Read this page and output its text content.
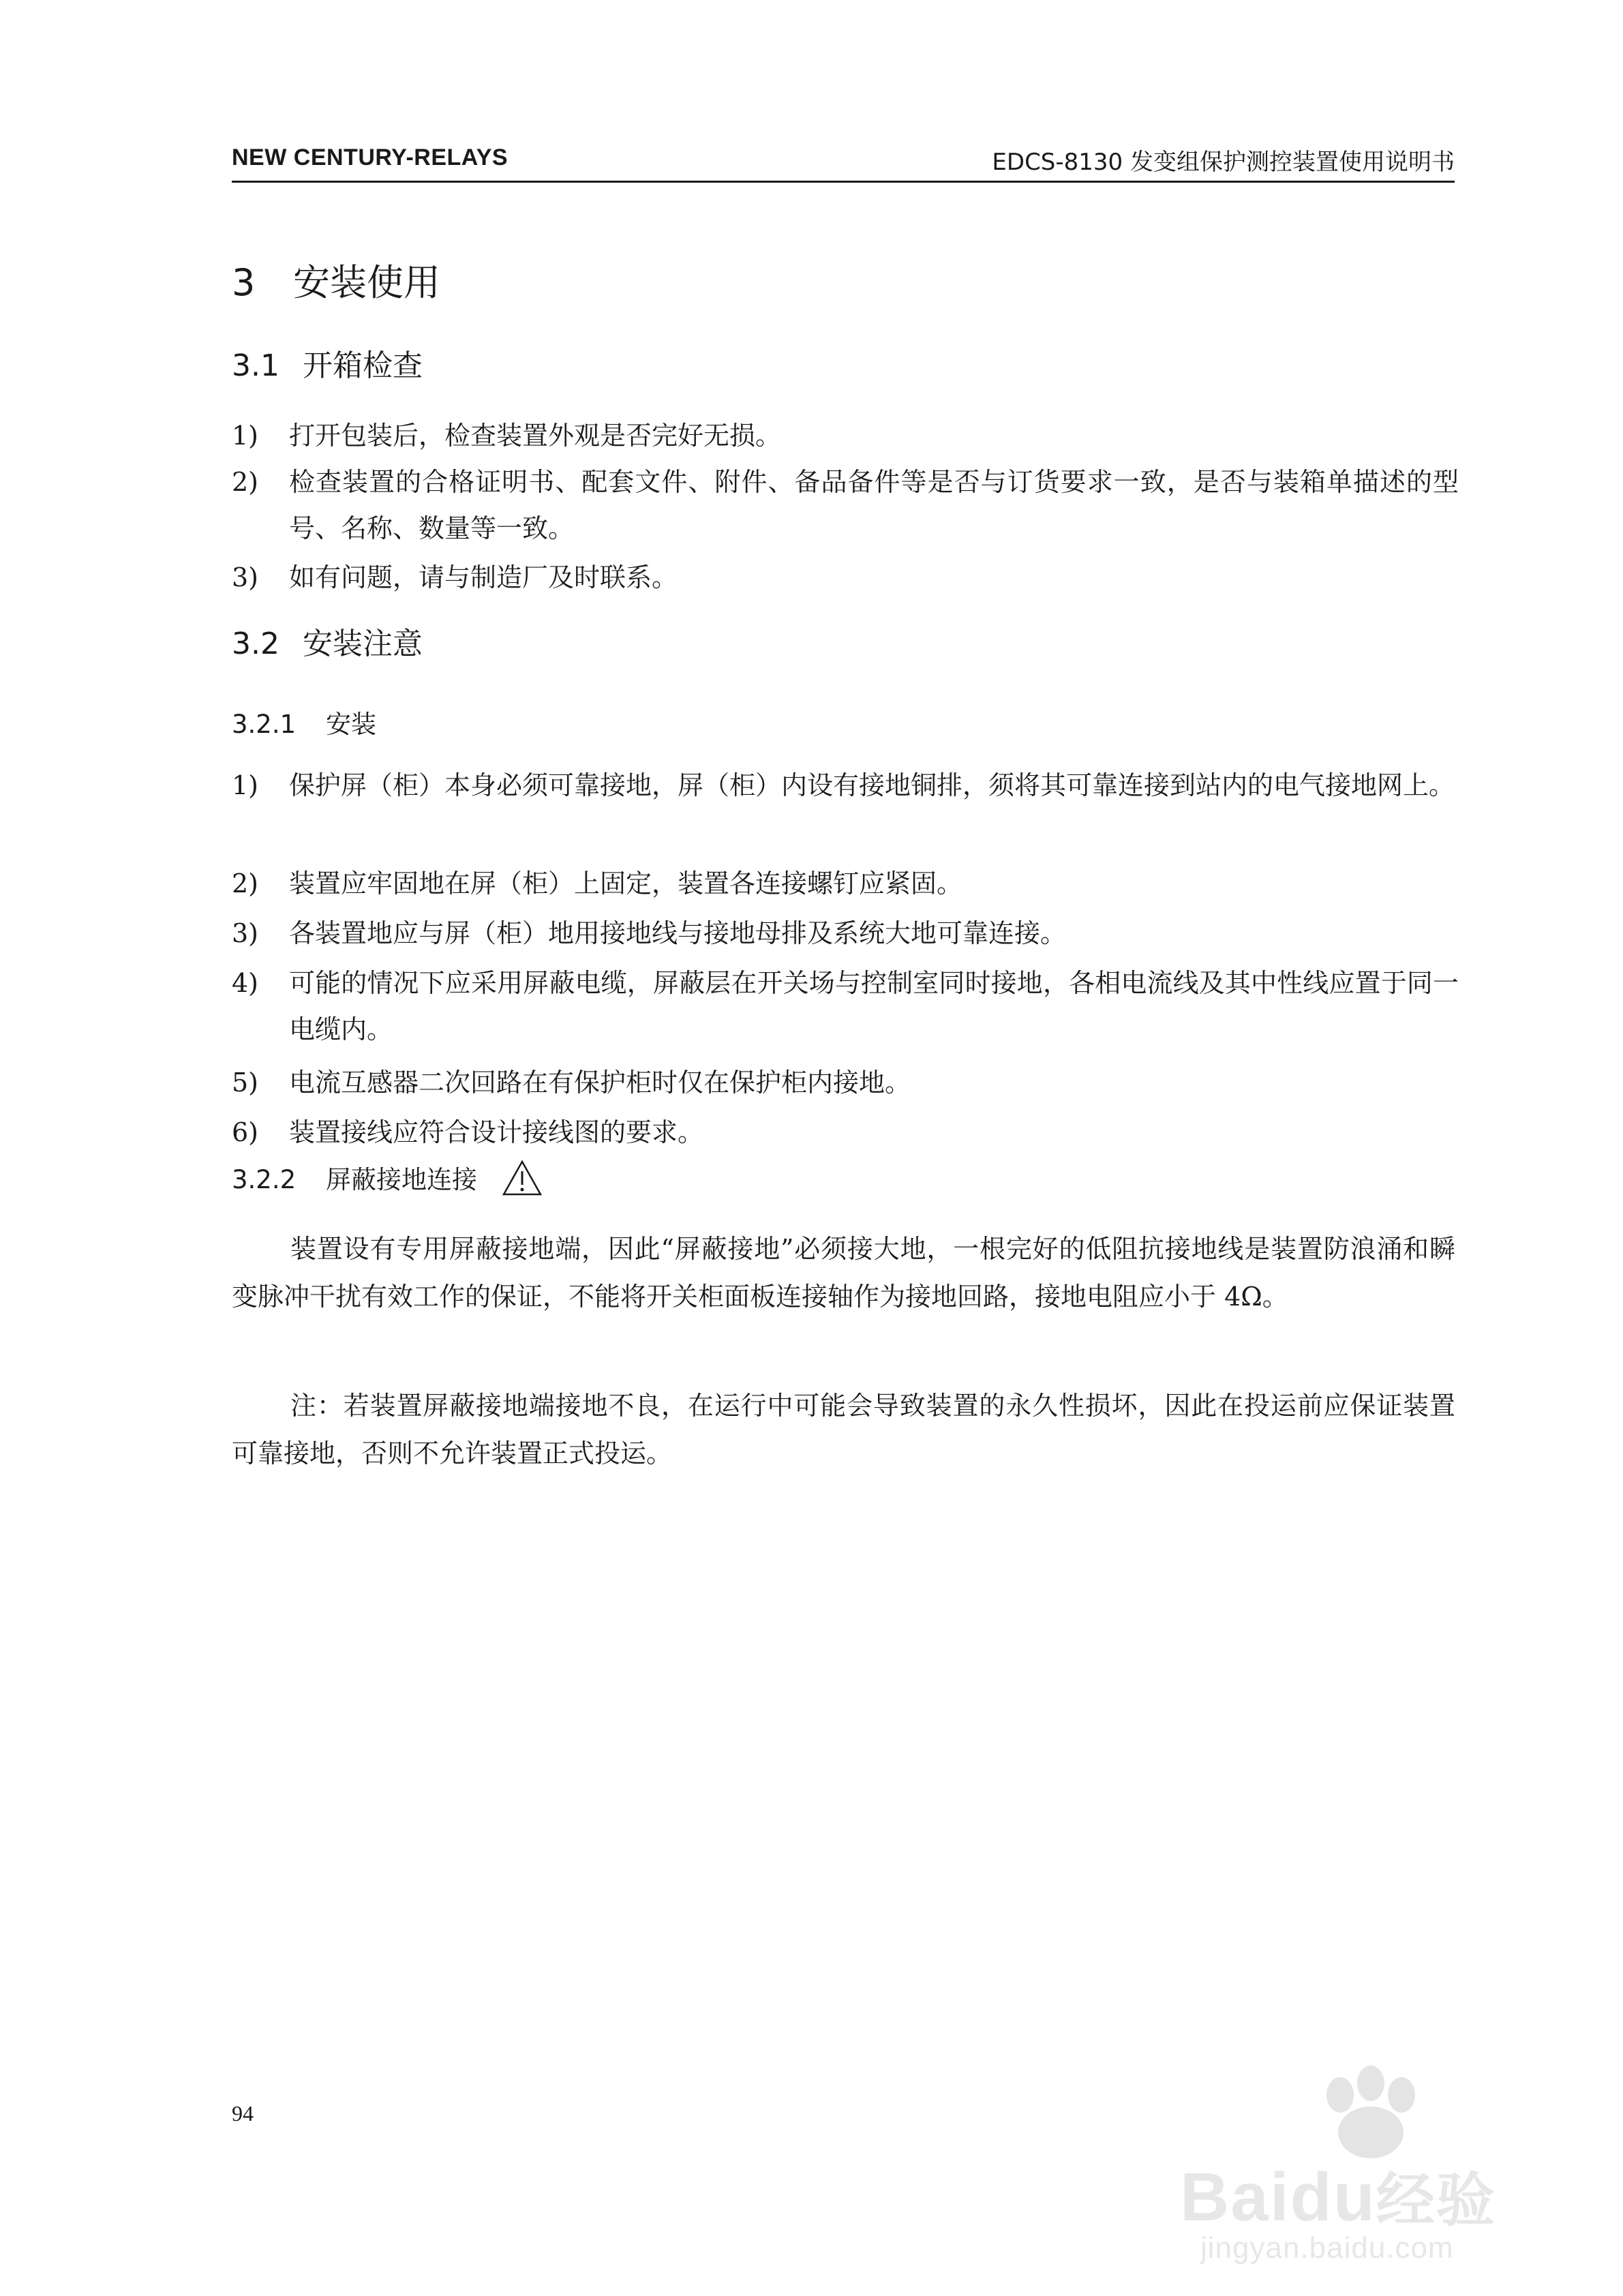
NEW CENTURY-RELAYS	EDCS-8130 发变组保护测控装置使用说明书
3 安装使用
3.1 开箱检查
1) 打开包装后，检查装置外观是否完好无损。
2) 检查装置的合格证明书、配套文件、附件、备品备件等是否与订货要求一致，是否与装箱单描述的型号、名称、数量等一致。
3) 如有问题，请与制造厂及时联系。
3.2 安装注意
3.2.1 安装
1) 保护屏（柜）本身必须可靠接地，屏（柜）内设有接地铜排，须将其可靠连接到站内的电气接地网上。
2) 装置应牢固地在屏（柜）上固定，装置各连接螺钉应紧固。
3) 各装置地应与屏（柜）地用接地线与接地母排及系统大地可靠连接。
4) 可能的情况下应采用屏蔽电缆，屏蔽层在开关场与控制室同时接地，各相电流线及其中性线应置于同一电缆内。
5) 电流互感器二次回路在有保护柜时仅在保护柜内接地。
6) 装置接线应符合设计接线图的要求。
3.2.2 屏蔽接地连接
装置设有专用屏蔽接地端，因此“屏蔽接地”必须接大地，一根完好的低阻抗接地线是装置防浪涌和瞬变脉冲干扰有效工作的保证，不能将开关柜面板连接轴作为接地回路，接地电阻应小于 4Ω。
注：若装置屏蔽接地端接地不良，在运行中可能会导致装置的永久性损坏，因此在投运前应保证装置可靠接地，否则不允许装置正式投运。
94
Baidu经验
jingyan.baidu.com
